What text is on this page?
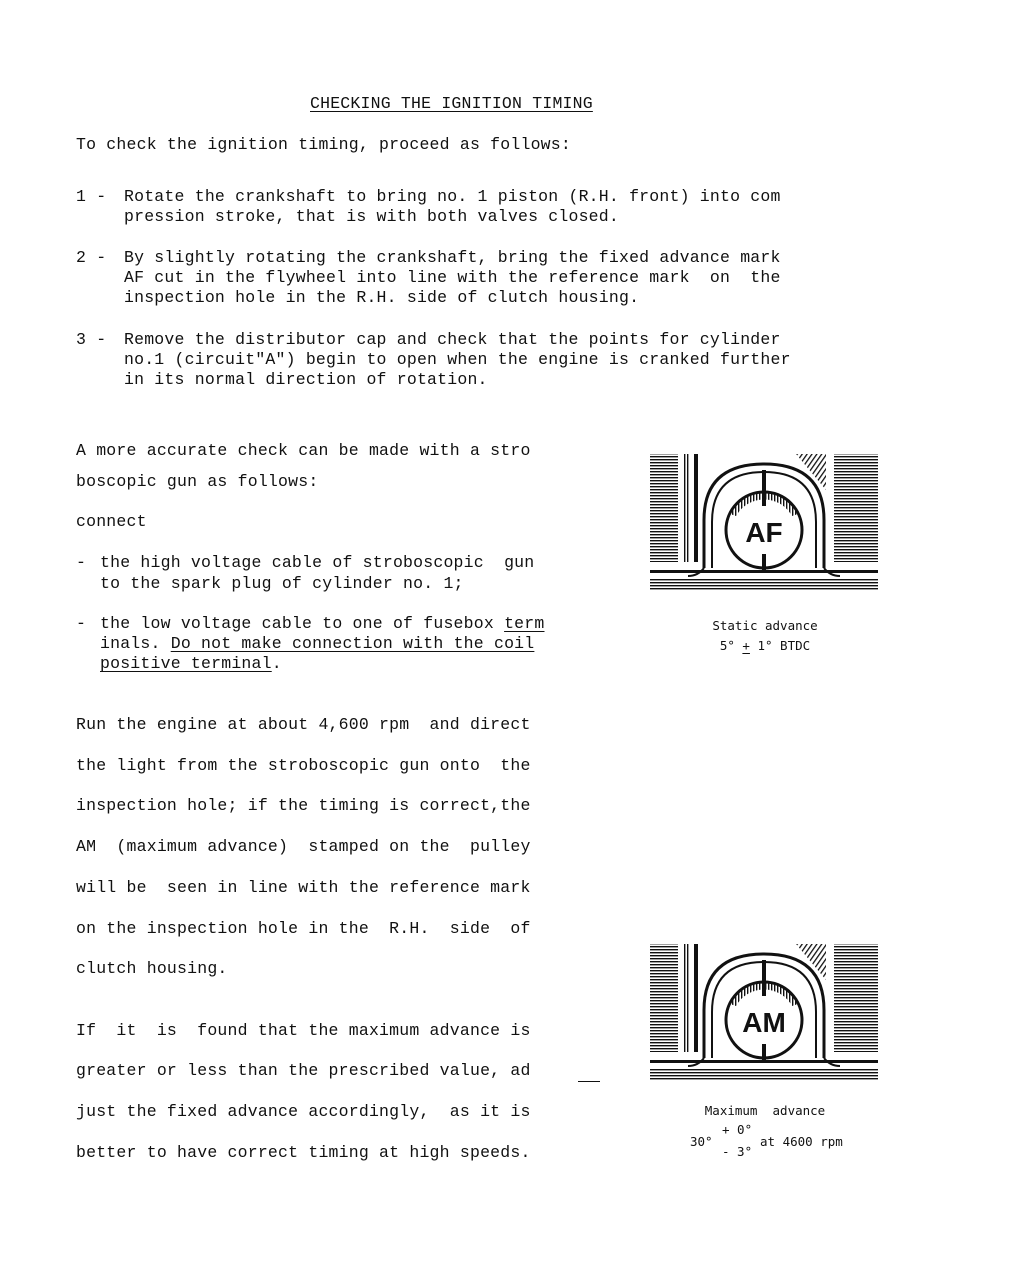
CHECKING THE IGNITION TIMING
To check the ignition timing, proceed as follows:
1 - Rotate the crankshaft to bring no. 1 piston (R.H. front) into com
pression stroke, that is with both valves closed.
2 - By slightly rotating the crankshaft, bring the fixed advance mark
AF cut in the flywheel into line with the reference mark  on  the
inspection hole in the R.H. side of clutch housing.
3 - Remove the distributor cap and check that the points for cylinder
no.1 (circuit"A") begin to open when the engine is cranked further
in its normal direction of rotation.
A more accurate check can be made with a stro
boscopic gun as follows:
connect
- the high voltage cable of stroboscopic  gun
to the spark plug of cylinder no. 1;
- the low voltage cable to one of fusebox term
inals. Do not make connection with the coil
positive terminal.
Run the engine at about 4,600 rpm  and direct
the light from the stroboscopic gun onto  the
inspection hole; if the timing is correct,the
AM  (maximum advance)  stamped on the  pulley
will be  seen in line with the reference mark
on the inspection hole in the  R.H.  side  of
clutch housing.
If  it  is  found that the maximum advance is
greater or less than the prescribed value, ad
just the fixed advance accordingly,  as it is
better to have correct timing at high speeds.
AF
Static advance
5° + 1° BTDC
AM
Maximum  advance
30°
+ 0°
- 3°
at 4600 rpm
